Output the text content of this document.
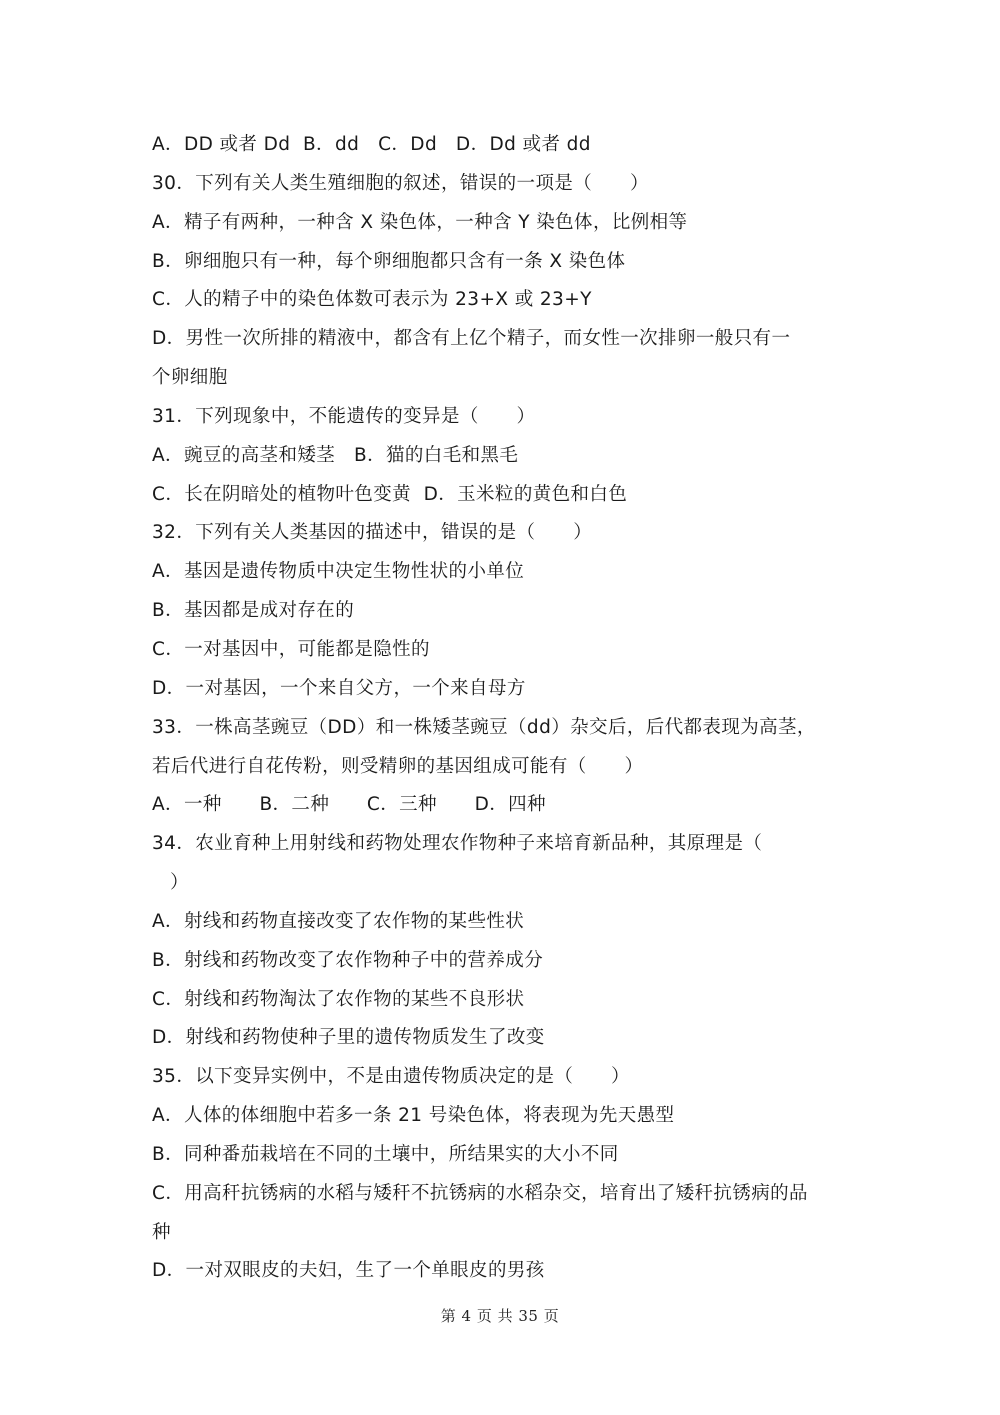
A．DD 或者 Dd  B．dd   C．Dd   D．Dd 或者 dd
30．下列有关人类生殖细胞的叙述，错误的一项是（　　）
A．精子有两种，一种含 X 染色体，一种含 Y 染色体，比例相等
B．卵细胞只有一种，每个卵细胞都只含有一条 X 染色体
C．人的精子中的染色体数可表示为 23+X 或 23+Y
D．男性一次所排的精液中，都含有上亿个精子，而女性一次排卵一般只有一
个卵细胞
31．下列现象中，不能遗传的变异是（　　）
A．豌豆的高茎和矮茎   B．猫的白毛和黑毛
C．长在阴暗处的植物叶色变黄  D．玉米粒的黄色和白色
32．下列有关人类基因的描述中，错误的是（　　）
A．基因是遗传物质中决定生物性状的小单位
B．基因都是成对存在的
C．一对基因中，可能都是隐性的
D．一对基因，一个来自父方，一个来自母方
33．一株高茎豌豆（DD）和一株矮茎豌豆（dd）杂交后，后代都表现为高茎，
若后代进行自花传粉，则受精卵的基因组成可能有（　　）
A．一种      B．二种      C．三种      D．四种
34．农业育种上用射线和药物处理农作物种子来培育新品种，其原理是（
）
A．射线和药物直接改变了农作物的某些性状
B．射线和药物改变了农作物种子中的营养成分
C．射线和药物淘汰了农作物的某些不良形状
D．射线和药物使种子里的遗传物质发生了改变
35．以下变异实例中，不是由遗传物质决定的是（　　）
A．人体的体细胞中若多一条 21 号染色体，将表现为先天愚型
B．同种番茄栽培在不同的土壤中，所结果实的大小不同
C．用高秆抗锈病的水稻与矮秆不抗锈病的水稻杂交，培育出了矮秆抗锈病的品
种
D．一对双眼皮的夫妇，生了一个单眼皮的男孩
第 4 页 共 35 页
